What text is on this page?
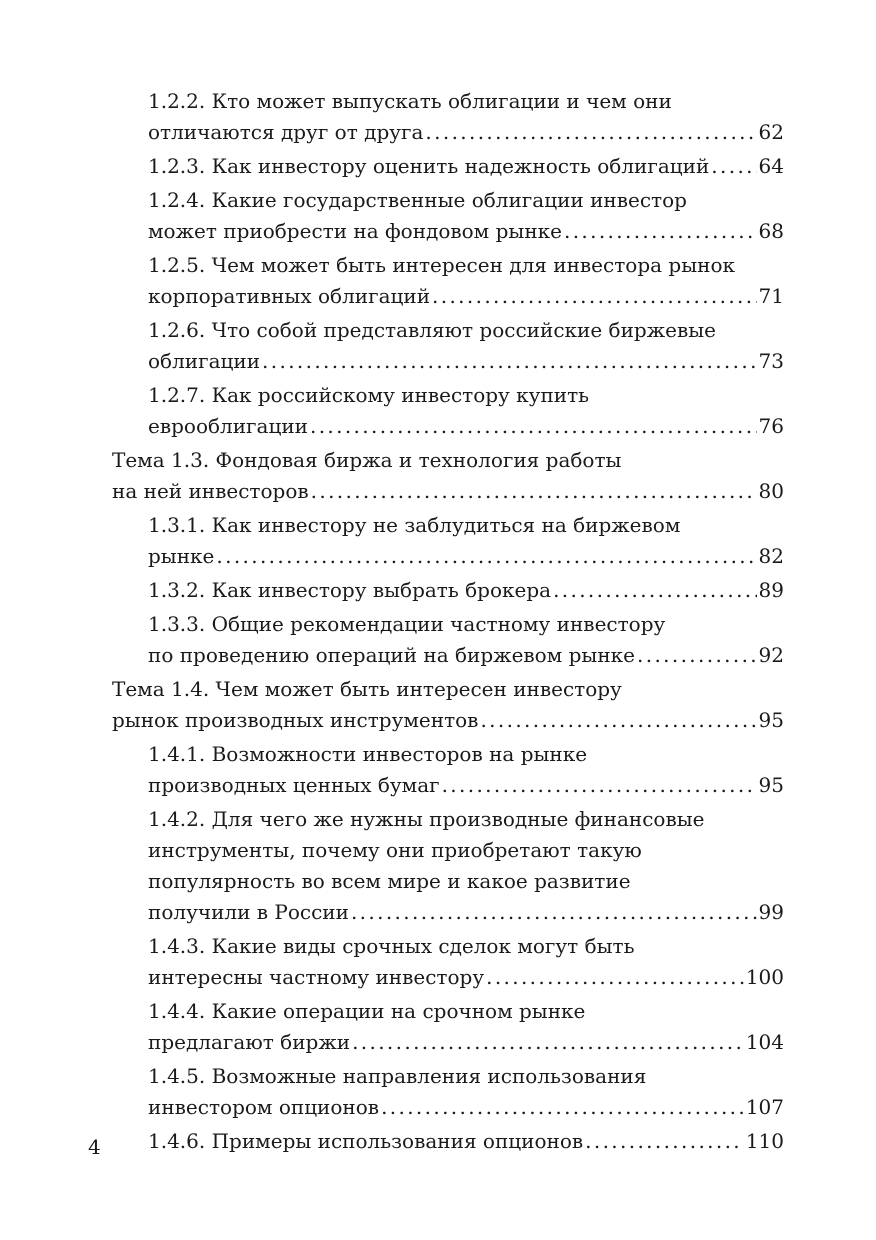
1.2.2. Кто может выпускать облигации и чем они
отличаются друг от друга . . .	62
1.2.3. Как инвестору оценить надежность облигаций . . . 64
1.2.4. Какие государственные облигации инвестор
может приобрести на фондовом рынке . . .	68
1.2.5. Чем может быть интересен для инвестора рынок
корпоративных облигаций . . .	71
1.2.6. Что собой представляют российские биржевые
облигации . . .	73
1.2.7. Как российскому инвестору купить
еврооблигации . . .	76
Тема 1.3. Фондовая биржа и технология работы
на ней инвесторов . . .	80
1.3.1. Как инвестору не заблудиться на биржевом
рынке . . .	82
1.3.2. Как инвестору выбрать брокера . . .	89
1.3.3. Общие рекомендации частному инвестору
по проведению операций на биржевом рынке . . .	92
Тема 1.4. Чем может быть интересен инвестору
рынок производных инструментов . . .	95
1.4.1. Возможности инвесторов на рынке
производных ценных бумаг . . .	95
1.4.2. Для чего же нужны производные финансовые
инструменты, почему они приобретают такую
популярность во всем мире и какое развитие
получили в России . . .	99
1.4.3. Какие виды срочных сделок могут быть
интересны частному инвестору . . .	100
1.4.4. Какие операции на срочном рынке
предлагают биржи . . .	104
1.4.5. Возможные направления использования
инвестором опционов . . .	107
1.4.6. Примеры использования опционов . . .	110
4
